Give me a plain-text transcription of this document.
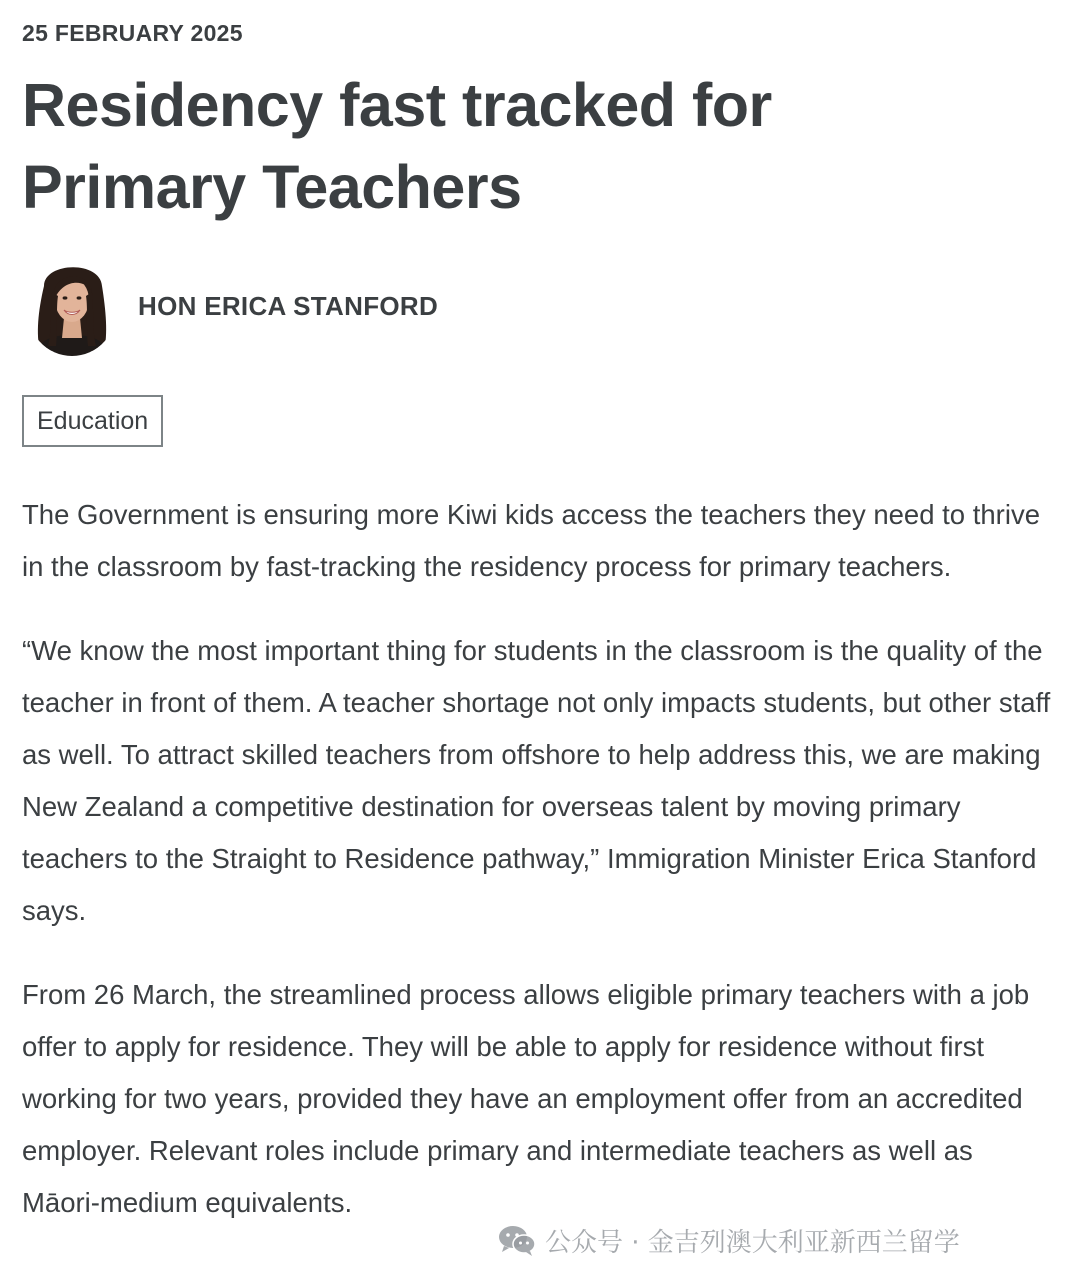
25 FEBRUARY 2025
Residency fast tracked for Primary Teachers
HON ERICA STANFORD
Education

The Government is ensuring more Kiwi kids access the teachers they need to thrive in the classroom by fast-tracking the residency process for primary teachers.

“We know the most important thing for students in the classroom is the quality of the teacher in front of them. A teacher shortage not only impacts students, but other staff as well. To attract skilled teachers from offshore to help address this, we are making New Zealand a competitive destination for overseas talent by moving primary teachers to the Straight to Residence pathway,” Immigration Minister Erica Stanford says.

From 26 March, the streamlined process allows eligible primary teachers with a job offer to apply for residence. They will be able to apply for residence without first working for two years, provided they have an employment offer from an accredited employer. Relevant roles include primary and intermediate teachers as well as Māori-medium equivalents.

公众号 · 金吉列澳大利亚新西兰留学
